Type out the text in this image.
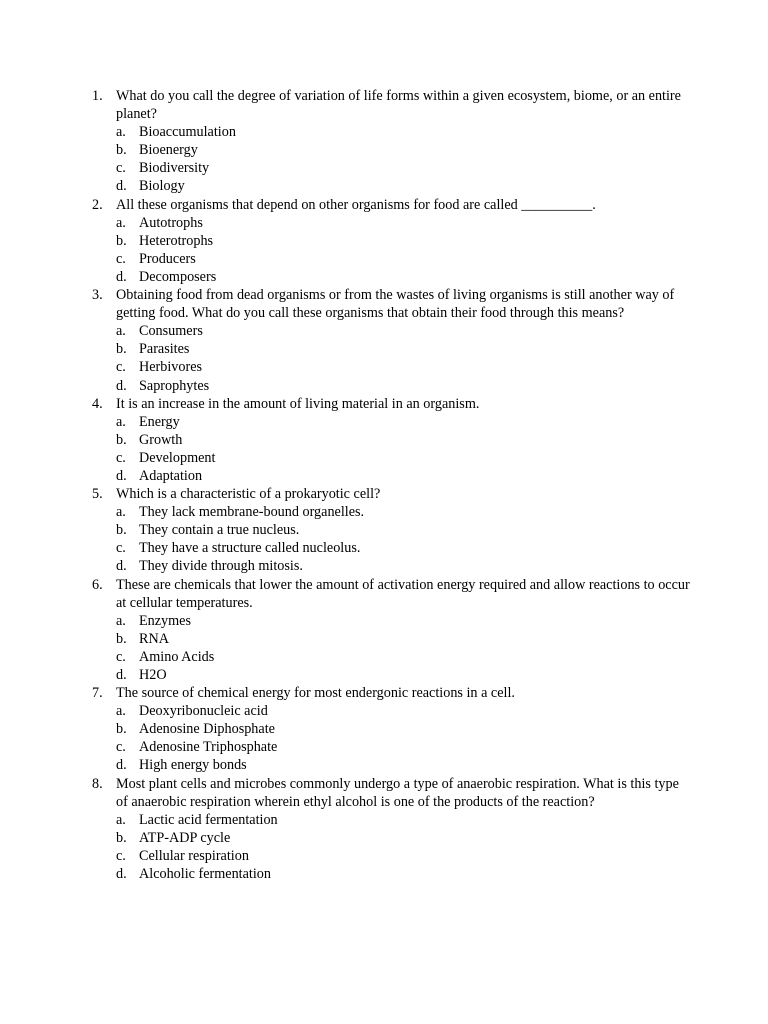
1. What do you call the degree of variation of life forms within a given ecosystem, biome, or an entire planet?
a. Bioaccumulation
b. Bioenergy
c. Biodiversity
d. Biology
2. All these organisms that depend on other organisms for food are called __________.
a. Autotrophs
b. Heterotrophs
c. Producers
d. Decomposers
3. Obtaining food from dead organisms or from the wastes of living organisms is still another way of getting food. What do you call these organisms that obtain their food through this means?
a. Consumers
b. Parasites
c. Herbivores
d. Saprophytes
4. It is an increase in the amount of living material in an organism.
a. Energy
b. Growth
c. Development
d. Adaptation
5. Which is a characteristic of a prokaryotic cell?
a. They lack membrane-bound organelles.
b. They contain a true nucleus.
c. They have a structure called nucleolus.
d. They divide through mitosis.
6. These are chemicals that lower the amount of activation energy required and allow reactions to occur at cellular temperatures.
a. Enzymes
b. RNA
c. Amino Acids
d. H2O
7. The source of chemical energy for most endergonic reactions in a cell.
a. Deoxyribonucleic acid
b. Adenosine Diphosphate
c. Adenosine Triphosphate
d. High energy bonds
8. Most plant cells and microbes commonly undergo a type of anaerobic respiration. What is this type of anaerobic respiration wherein ethyl alcohol is one of the products of the reaction?
a. Lactic acid fermentation
b. ATP-ADP cycle
c. Cellular respiration
d. Alcoholic fermentation
